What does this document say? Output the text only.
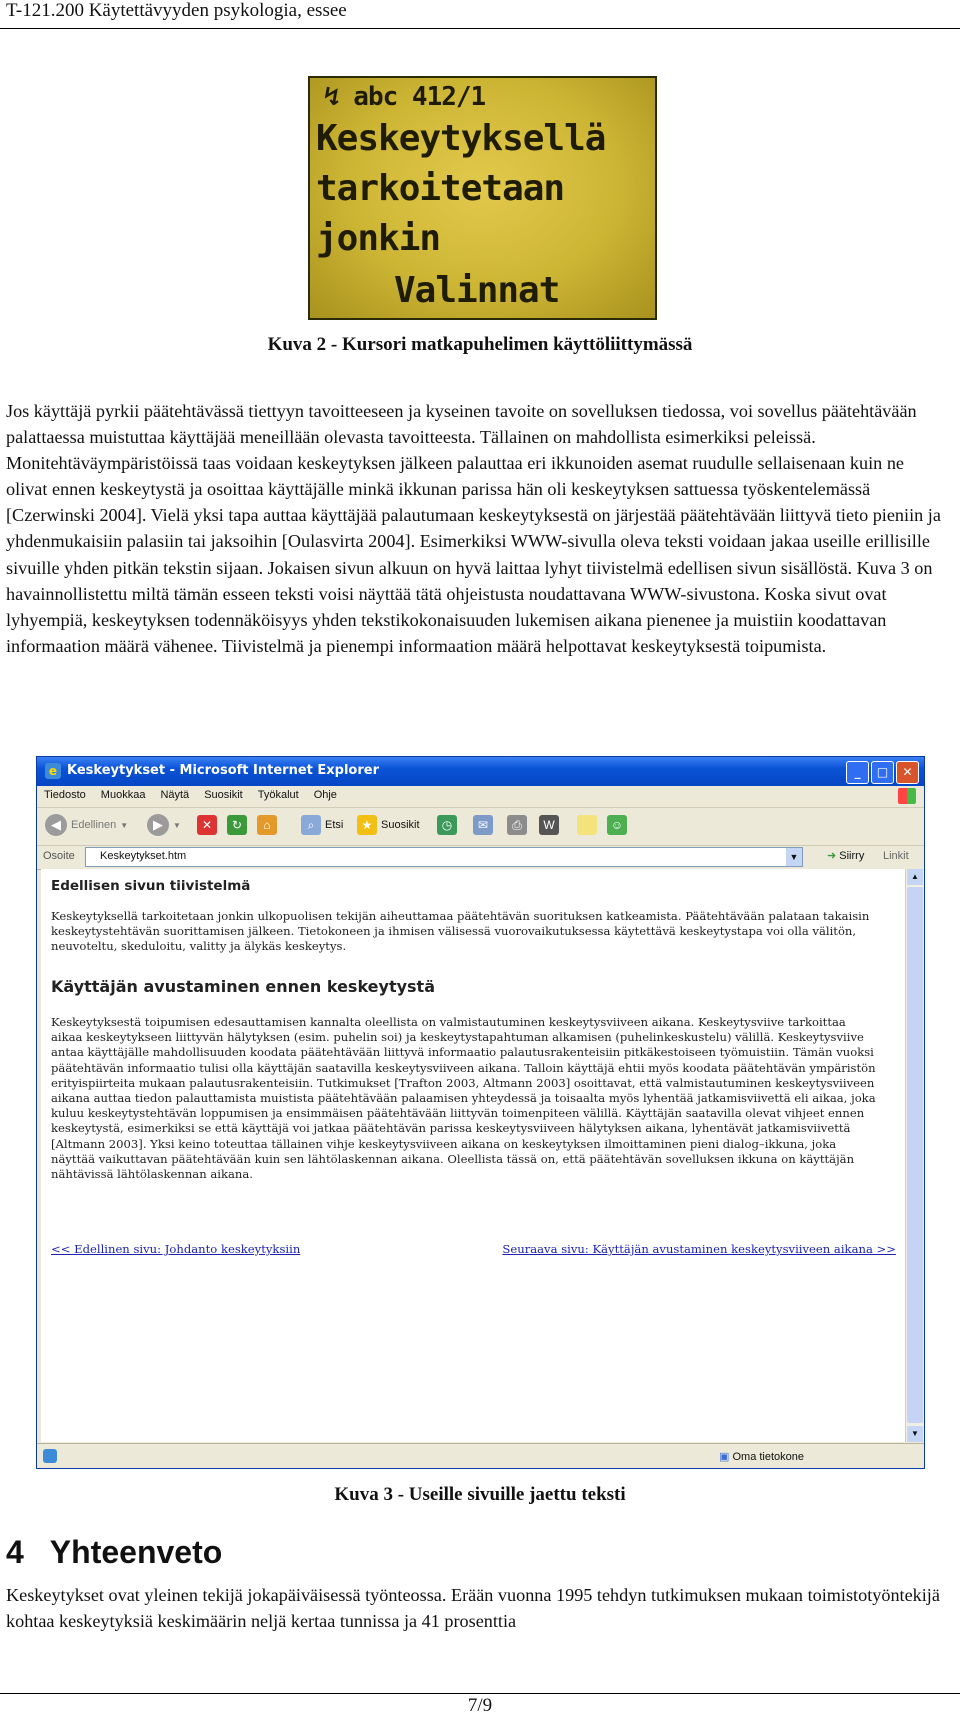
T-121.200 Käytettävyyden psykologia, essee
↯ abc 412/1
Keskeytyksellä
tarkoitetaan
jonkin
Valinnat
Kuva 2 - Kursori matkapuhelimen käyttöliittymässä

Jos käyttäjä pyrkii päätehtävässä tiettyyn tavoitteeseen ja kyseinen tavoite on sovelluksen tiedossa, voi sovellus päätehtävään palattaessa muistuttaa käyttäjää meneillään olevasta tavoitteesta. Tällainen on mahdollista esimerkiksi peleissä. Monitehtäväympäristöissä taas voidaan keskeytyksen jälkeen palauttaa eri ikkunoiden asemat ruudulle sellaisenaan kuin ne olivat ennen keskeytystä ja osoittaa käyttäjälle minkä ikkunan parissa hän oli keskeytyksen sattuessa työskentelemässä [Czerwinski 2004]. Vielä yksi tapa auttaa käyttäjää palautumaan keskeytyksestä on järjestää päätehtävään liittyvä tieto pieniin ja yhdenmukaisiin palasiin tai jaksoihin [Oulasvirta 2004]. Esimerkiksi WWW-sivulla oleva teksti voidaan jakaa useille erillisille sivuille yhden pitkän tekstin sijaan. Jokaisen sivun alkuun on hyvä laittaa lyhyt tiivistelmä edellisen sivun sisällöstä. Kuva 3 on havainnollistettu miltä tämän esseen teksti voisi näyttää tätä ohjeistusta noudattavana WWW-sivustona. Koska sivut ovat lyhyempiä, keskeytyksen todennäköisyys yhden tekstikokonaisuuden lukemisen aikana pienenee ja muistiin koodattavan informaation määrä vähenee. Tiivistelmä ja pienempi informaation määrä helpottavat keskeytyksestä toipumista.

e Keskeytykset - Microsoft Internet Explorer	_	□	✕
Tiedosto Muokkaa Näytä Suosikit Työkalut Ohje
◀ Edellinen ▼	▶	▼	✕	↻	⌂	⌕ Etsi	★ Suosikit	◷	✉	⎙	W	☺
Osoite Keskeytykset.htm	▼	➜ Siirry Linkit
Edellisen sivun tiivistelmä

Keskeytyksellä tarkoitetaan jonkin ulkopuolisen tekijän aiheuttamaa päätehtävän suorituksen katkeamista. Päätehtävään palataan takaisin keskeytystehtävän suorittamisen jälkeen. Tietokoneen ja ihmisen välisessä vuorovaikutuksessa käytettävä keskeytystapa voi olla välitön, neuvoteltu, skeduloitu, valitty ja älykäs keskeytys.

Käyttäjän avustaminen ennen keskeytystä

Keskeytyksestä toipumisen edesauttamisen kannalta oleellista on valmistautuminen keskeytysviiveen aikana. Keskeytysviive tarkoittaa aikaa keskeytykseen liittyvän hälytyksen (esim. puhelin soi) ja keskeytystapahtuman alkamisen (puhelinkeskustelu) välillä. Keskeytysviive antaa käyttäjälle mahdollisuuden koodata päätehtävään liittyvä informaatio palautusrakenteisiin pitkäkestoiseen työmuistiin. Tämän vuoksi päätehtävän informaatio tulisi olla käyttäjän saatavilla keskeytysviiveen aikana. Talloin käyttäjä ehtii myös koodata päätehtävän ympäristön erityispiirteita mukaan palautusrakenteisiin. Tutkimukset [Trafton 2003, Altmann 2003] osoittavat, että valmistautuminen keskeytysviiveen aikana auttaa tiedon palauttamista muistista päätehtävään palaamisen yhteydessä ja toisaalta myös lyhentää jatkamisviivettä eli aikaa, joka kuluu keskeytystehtävän loppumisen ja ensimmäisen päätehtävään liittyvän toimenpiteen välillä. Käyttäjän saatavilla olevat vihjeet ennen keskeytystä, esimerkiksi se että käyttäjä voi jatkaa päätehtävän parissa keskeytysviiveen hälytyksen aikana, lyhentävät jatkamisviivettä [Altmann 2003]. Yksi keino toteuttaa tällainen vihje keskeytysviiveen aikana on keskeytyksen ilmoittaminen pieni dialog–ikkuna, joka näyttää vaikuttavan päätehtävään kuin sen lähtölaskennan aikana. Oleellista tässä on, että päätehtävän sovelluksen ikkuna on käyttäjän nähtävissä lähtölaskennan aikana.

<< Edellinen sivu: Johdanto keskeytyksiin	Seuraava sivu: Käyttäjän avustaminen keskeytysviiveen aikana >>
▲
▼
▣ Oma tietokone
Kuva 3 - Useille sivuille jaettu teksti
4 Yhteenveto

Keskeytykset ovat yleinen tekijä jokapäiväisessä työnteossa. Erään vuonna 1995 tehdyn tutkimuksen mukaan toimistotyöntekijä kohtaa keskeytyksiä keskimäärin neljä kertaa tunnissa ja 41 prosenttia

7/9
